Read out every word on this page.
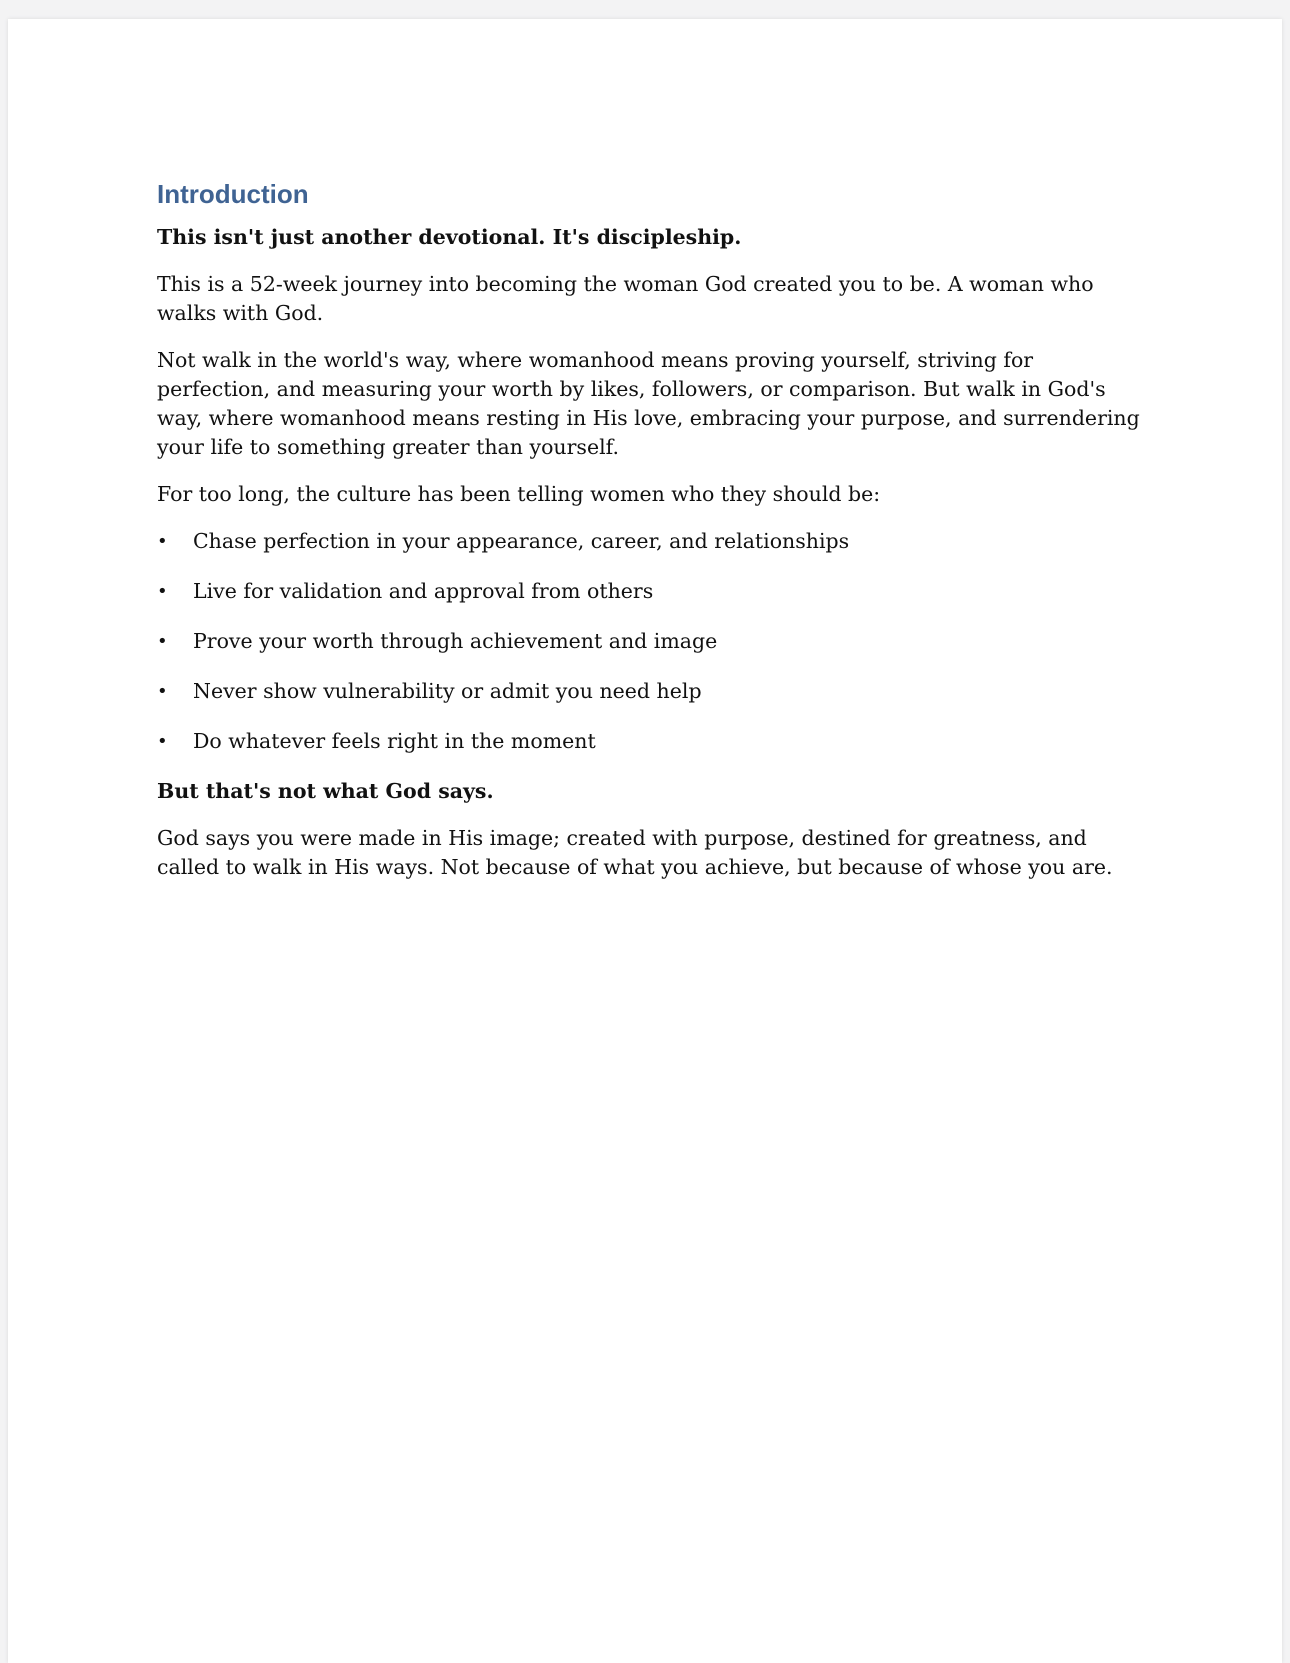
Introduction

This isn't just another devotional. It's discipleship.

This is a 52-week journey into becoming the woman God created you to be. A woman who walks with God.

Not walk in the world's way, where womanhood means proving yourself, striving for perfection, and measuring your worth by likes, followers, or comparison. But walk in God's way, where womanhood means resting in His love, embracing your purpose, and surrendering your life to something greater than yourself.

For too long, the culture has been telling women who they should be:

• Chase perfection in your appearance, career, and relationships
• Live for validation and approval from others
• Prove your worth through achievement and image
• Never show vulnerability or admit you need help
• Do whatever feels right in the moment

But that's not what God says.

God says you were made in His image; created with purpose, destined for greatness, and called to walk in His ways. Not because of what you achieve, but because of whose you are.
